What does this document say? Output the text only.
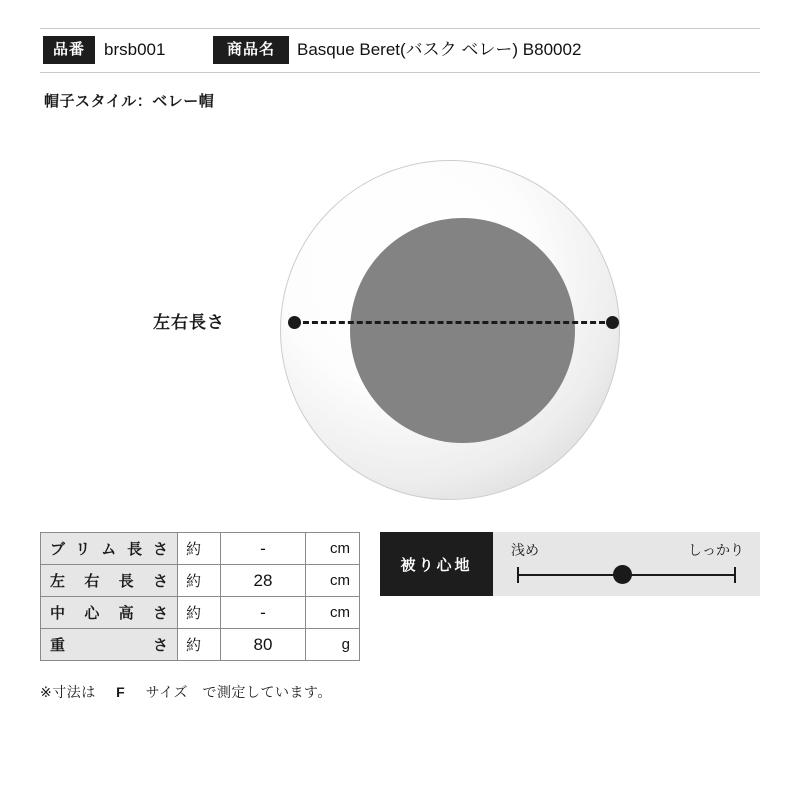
品番	brsb001	商品名	Basque Beret(バスク ベレー) B80002
帽子スタイル：ベレー帽
左右長さ
ブリム長さ	約	-	cm
左右長さ	約	28	cm
中心高さ	約	-	cm
重さ	約	80	g
※寸法は F サイズ　で測定しています。
被り心地
浅め	しっかり
